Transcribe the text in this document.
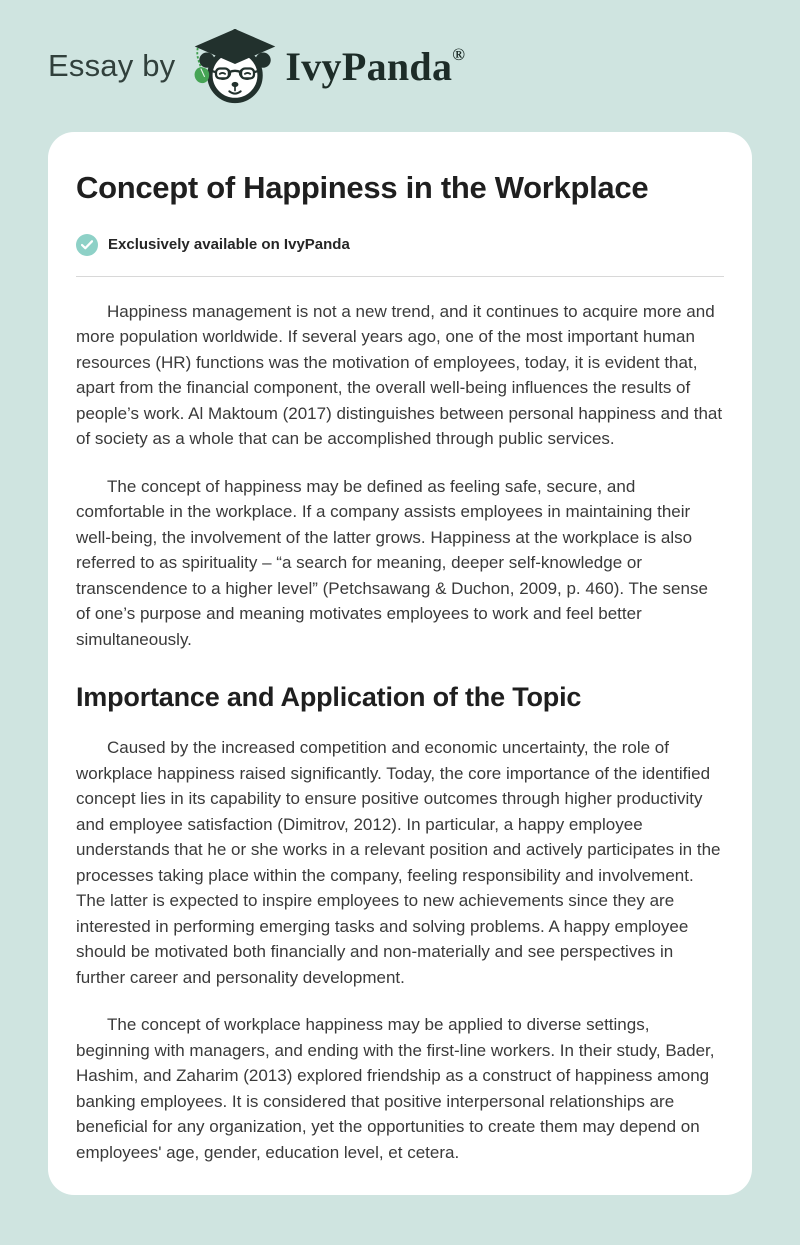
Essay by	IvyPanda ®
Concept of Happiness in the Workplace
Exclusively available on IvyPanda

Happiness management is not a new trend, and it continues to acquire more and more population worldwide. If several years ago, one of the most important human resources (HR) functions was the motivation of employees, today, it is evident that, apart from the financial component, the overall well-being influences the results of people’s work. Al Maktoum (2017) distinguishes between personal happiness and that of society as a whole that can be accomplished through public services.

The concept of happiness may be defined as feeling safe, secure, and comfortable in the workplace. If a company assists employees in maintaining their well-being, the involvement of the latter grows. Happiness at the workplace is also referred to as spirituality – “a search for meaning, deeper self-knowledge or transcendence to a higher level” (Petchsawang & Duchon, 2009, p. 460). The sense of one’s purpose and meaning motivates employees to work and feel better simultaneously.

Importance and Application of the Topic

Caused by the increased competition and economic uncertainty, the role of workplace happiness raised significantly. Today, the core importance of the identified concept lies in its capability to ensure positive outcomes through higher productivity and employee satisfaction (Dimitrov, 2012). In particular, a happy employee understands that he or she works in a relevant position and actively participates in the processes taking place within the company, feeling responsibility and involvement. The latter is expected to inspire employees to new achievements since they are interested in performing emerging tasks and solving problems. A happy employee should be motivated both financially and non-materially and see perspectives in further career and personality development.

The concept of workplace happiness may be applied to diverse settings, beginning with managers, and ending with the first-line workers. In their study, Bader, Hashim, and Zaharim (2013) explored friendship as a construct of happiness among banking employees. It is considered that positive interpersonal relationships are beneficial for any organization, yet the opportunities to create them may depend on employees' age, gender, education level, et cetera.
